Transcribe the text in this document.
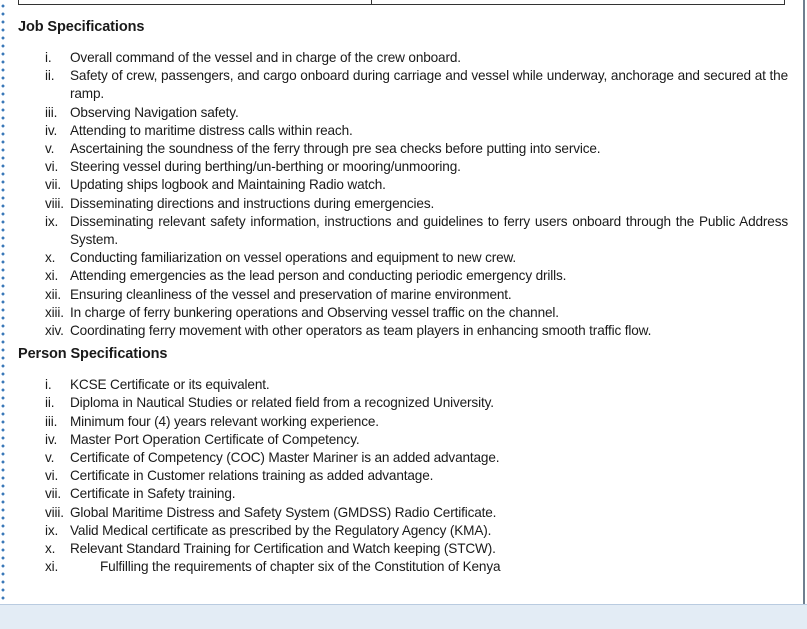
Job Specifications
i.	Overall command of the vessel and in charge of the crew onboard.
ii.	Safety of crew, passengers, and cargo onboard during carriage and vessel while underway, anchorage and secured at the ramp.
iii. Observing Navigation safety.
iv. Attending to maritime distress calls within reach.
v.	Ascertaining the soundness of the ferry through pre sea checks before putting into service.
vi. Steering vessel during berthing/un-berthing or mooring/unmooring.
vii. Updating ships logbook and Maintaining Radio watch.
viii. Disseminating directions and instructions during emergencies.
ix. Disseminating relevant safety information, instructions and guidelines to ferry users onboard through the Public Address System.
x.	Conducting familiarization on vessel operations and equipment to new crew.
xi. Attending emergencies as the lead person and conducting periodic emergency drills.
xii. Ensuring cleanliness of the vessel and preservation of marine environment.
xiii. In charge of ferry bunkering operations and Observing vessel traffic on the channel.
xiv. Coordinating ferry movement with other operators as team players in enhancing smooth traffic flow.
Person Specifications
i.	KCSE Certificate or its equivalent.
ii.	Diploma in Nautical Studies or related field from a recognized University.
iii. Minimum four (4) years relevant working experience.
iv. Master Port Operation Certificate of Competency.
v.	Certificate of Competency (COC) Master Mariner is an added advantage.
vi. Certificate in Customer relations training as added advantage.
vii. Certificate in Safety training.
viii. Global Maritime Distress and Safety System (GMDSS) Radio Certificate.
ix. Valid Medical certificate as prescribed by the Regulatory Agency (KMA).
x.	Relevant Standard Training for Certification and Watch keeping (STCW).
xi.	Fulfilling the requirements of chapter six of the Constitution of Kenya
